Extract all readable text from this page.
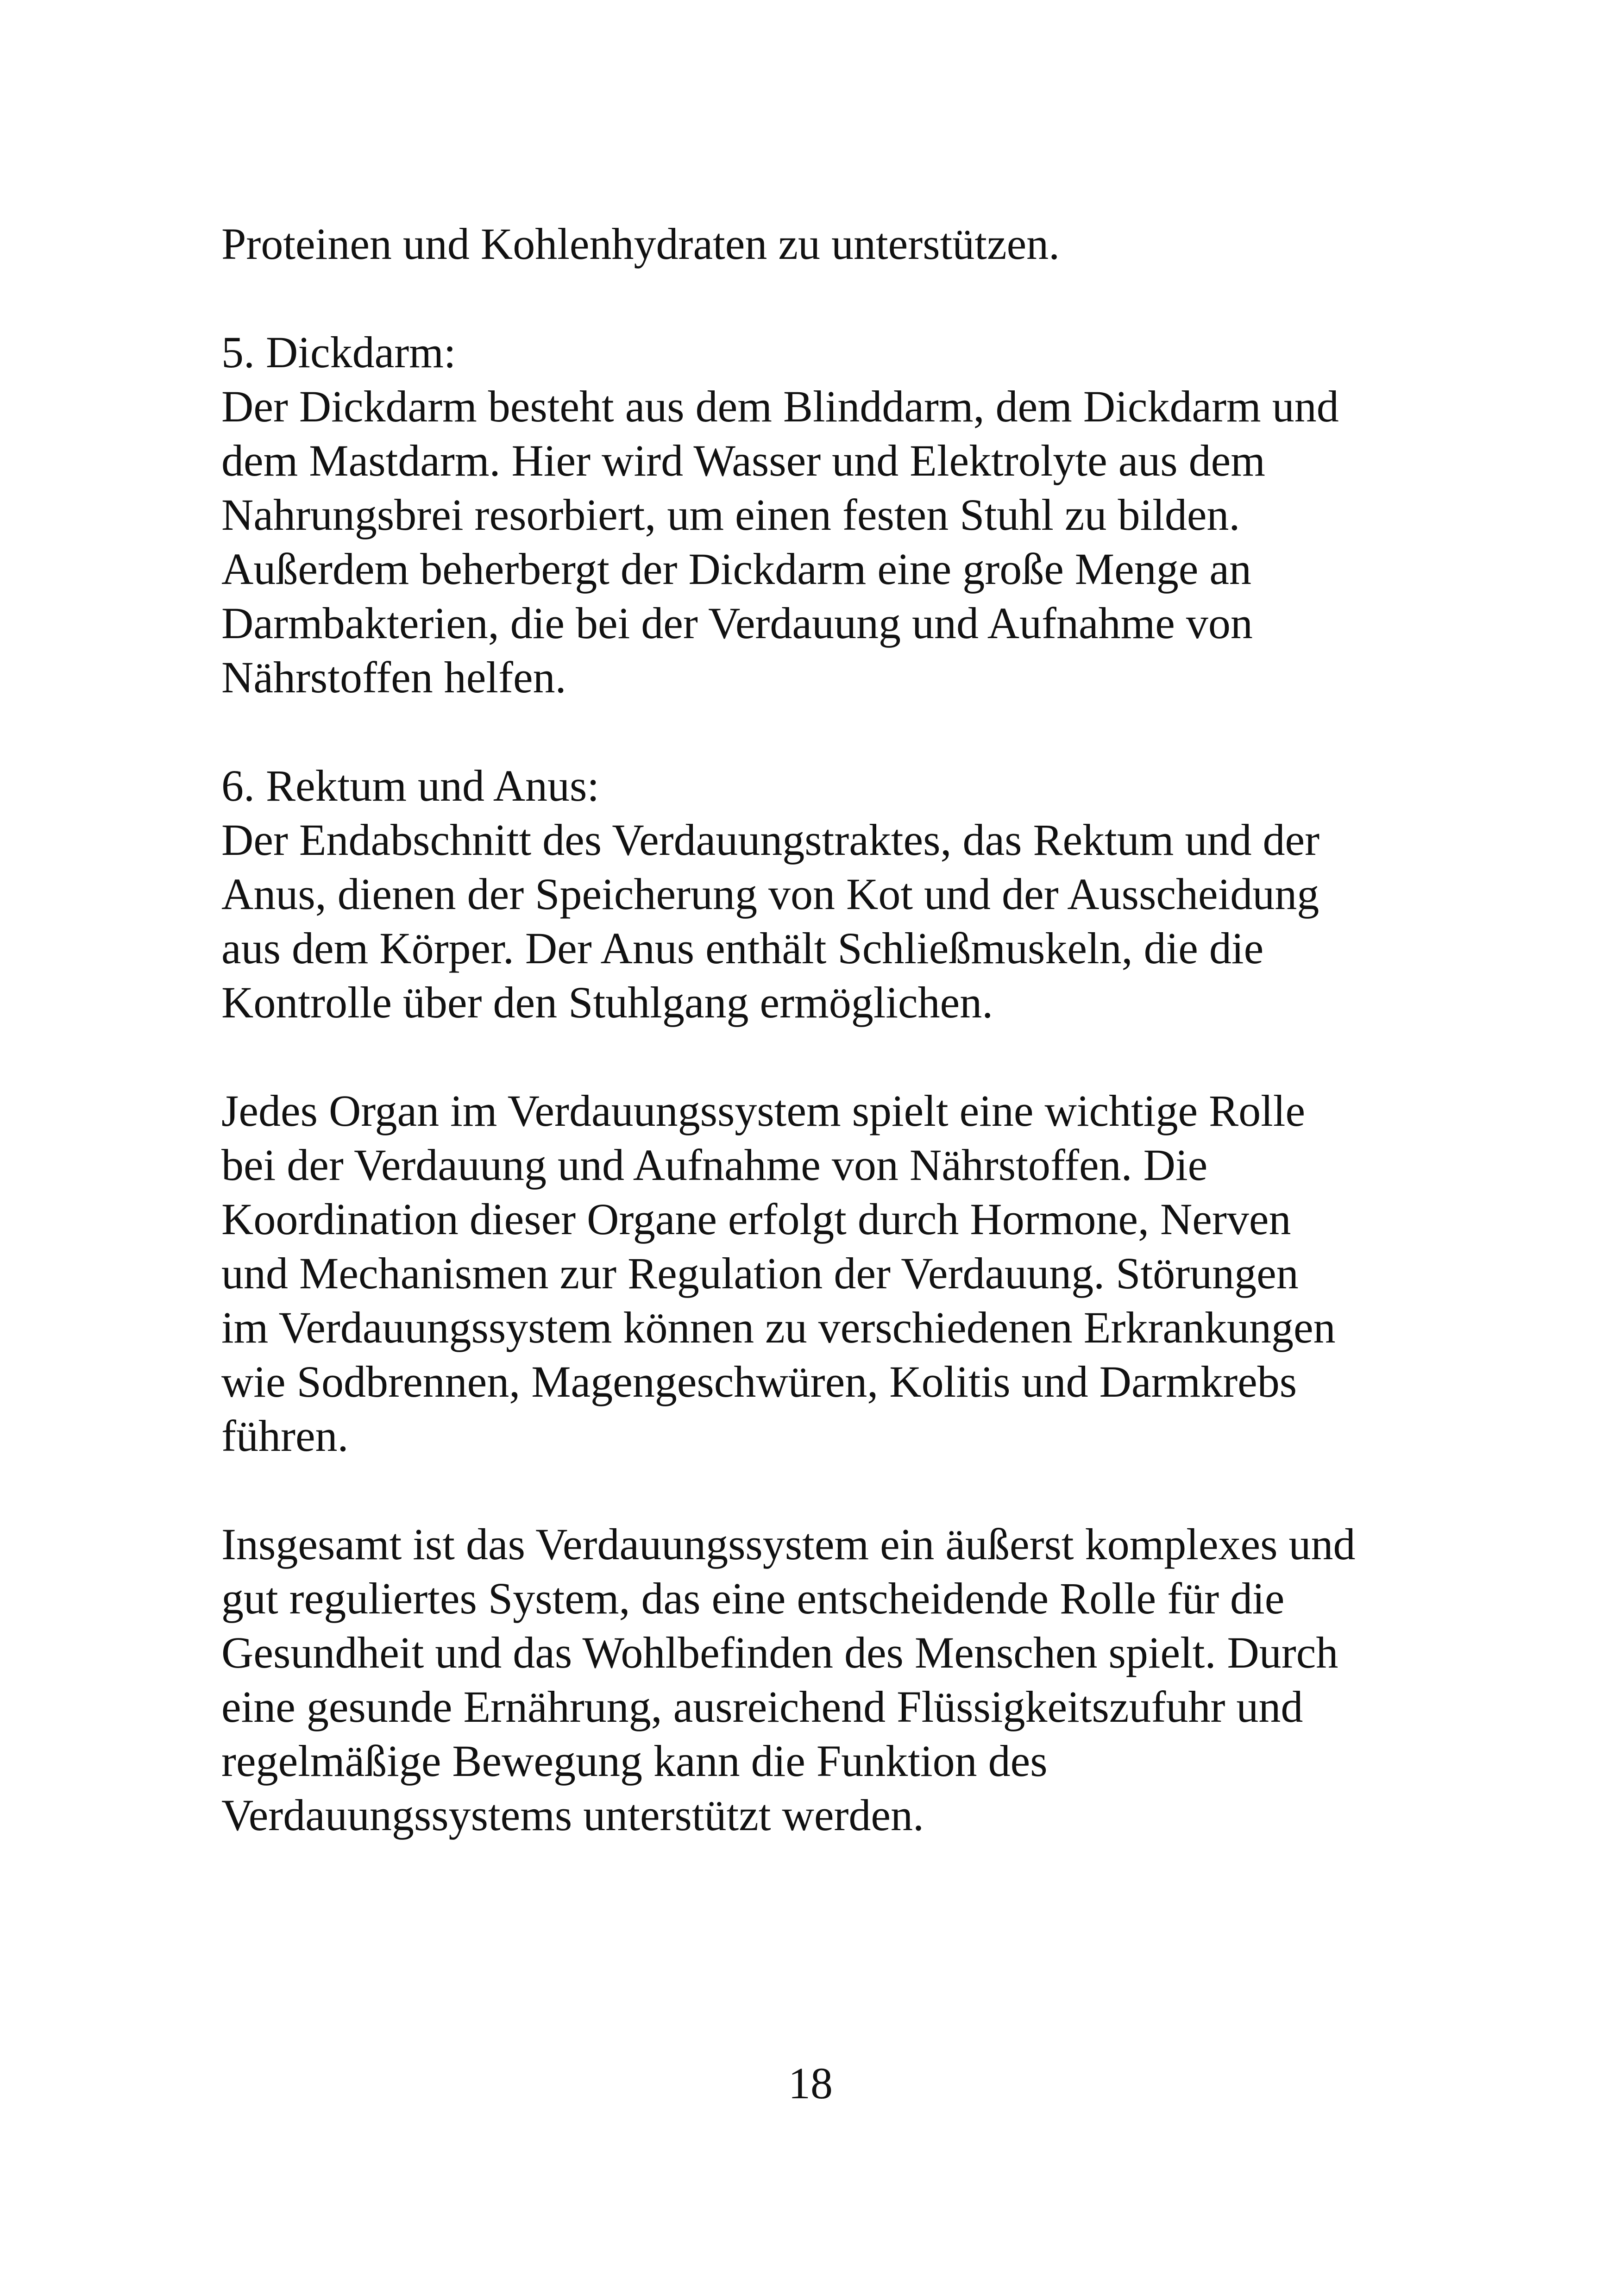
Proteinen und Kohlenhydraten zu unterstützen.
5. Dickdarm:
Der Dickdarm besteht aus dem Blinddarm, dem Dickdarm und
dem Mastdarm. Hier wird Wasser und Elektrolyte aus dem
Nahrungsbrei resorbiert, um einen festen Stuhl zu bilden.
Außerdem beherbergt der Dickdarm eine große Menge an
Darmbakterien, die bei der Verdauung und Aufnahme von
Nährstoffen helfen.
6. Rektum und Anus:
Der Endabschnitt des Verdauungstraktes, das Rektum und der
Anus, dienen der Speicherung von Kot und der Ausscheidung
aus dem Körper. Der Anus enthält Schließmuskeln, die die
Kontrolle über den Stuhlgang ermöglichen.
Jedes Organ im Verdauungssystem spielt eine wichtige Rolle
bei der Verdauung und Aufnahme von Nährstoffen. Die
Koordination dieser Organe erfolgt durch Hormone, Nerven
und Mechanismen zur Regulation der Verdauung. Störungen
im Verdauungssystem können zu verschiedenen Erkrankungen
wie Sodbrennen, Magengeschwüren, Kolitis und Darmkrebs
führen.
Insgesamt ist das Verdauungssystem ein äußerst komplexes und
gut reguliertes System, das eine entscheidende Rolle für die
Gesundheit und das Wohlbefinden des Menschen spielt. Durch
eine gesunde Ernährung, ausreichend Flüssigkeitszufuhr und
regelmäßige Bewegung kann die Funktion des
Verdauungssystems unterstützt werden.
18
